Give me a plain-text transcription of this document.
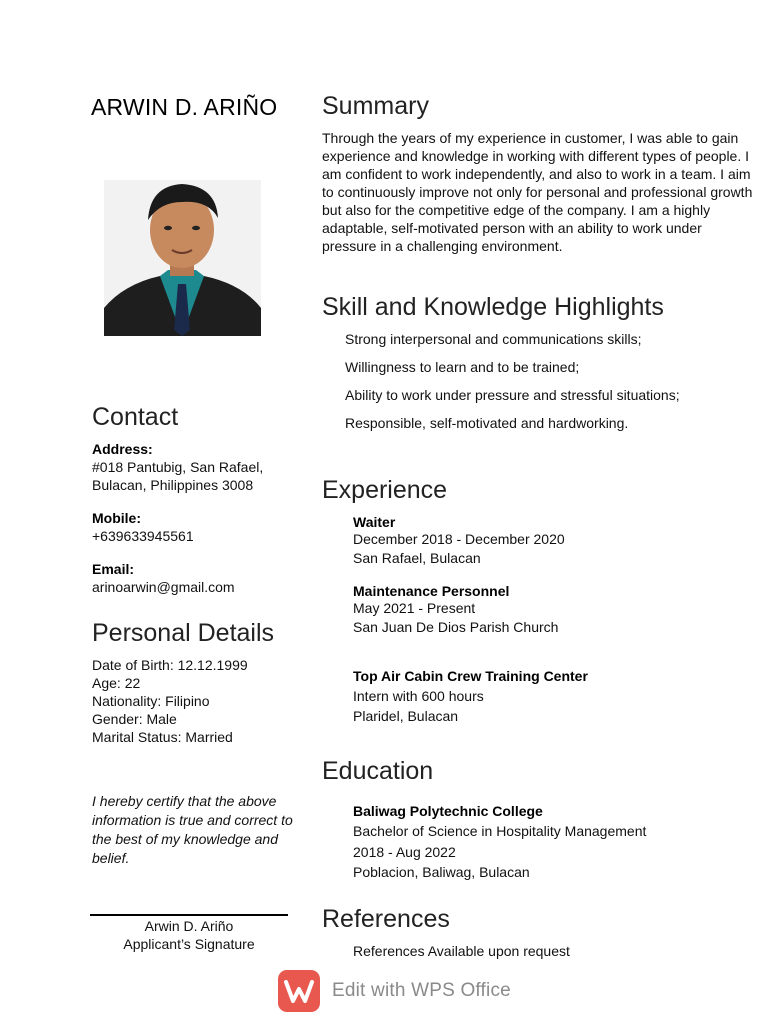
ARWIN D. ARIÑO
Contact
Address:
#018 Pantubig, San Rafael,
Bulacan, Philippines 3008
Mobile:
+639633945561
Email:
arinoarwin@gmail.com
Personal Details
Date of Birth: 12.12.1999
Age: 22
Nationality: Filipino
Gender: Male
Marital Status: Married
I hereby certify that the above information is true and correct to the best of my knowledge and belief.
Arwin D. Ariño
Applicant’s Signature
Summary
Through the years of my experience in customer, I was able to gain experience and knowledge in working with different types of people. I am confident to work independently, and also to work in a team. I aim to continuously improve not only for personal and professional growth but also for the competitive edge of the company. I am a highly adaptable, self-motivated person with an ability to work under pressure in a challenging environment.
Skill and Knowledge Highlights
Strong interpersonal and communications skills;
Willingness to learn and to be trained;
Ability to work under pressure and stressful situations;
Responsible, self-motivated and hardworking.
Experience
Waiter
December 2018 - December 2020
San Rafael, Bulacan
Maintenance Personnel
May 2021 - Present
San Juan De Dios Parish Church
Top Air Cabin Crew Training Center
Intern with 600 hours
Plaridel, Bulacan
Education
Baliwag Polytechnic College
Bachelor of Science in Hospitality Management
2018 - Aug 2022
Poblacion, Baliwag, Bulacan
References
References Available upon request
Edit with WPS Office
